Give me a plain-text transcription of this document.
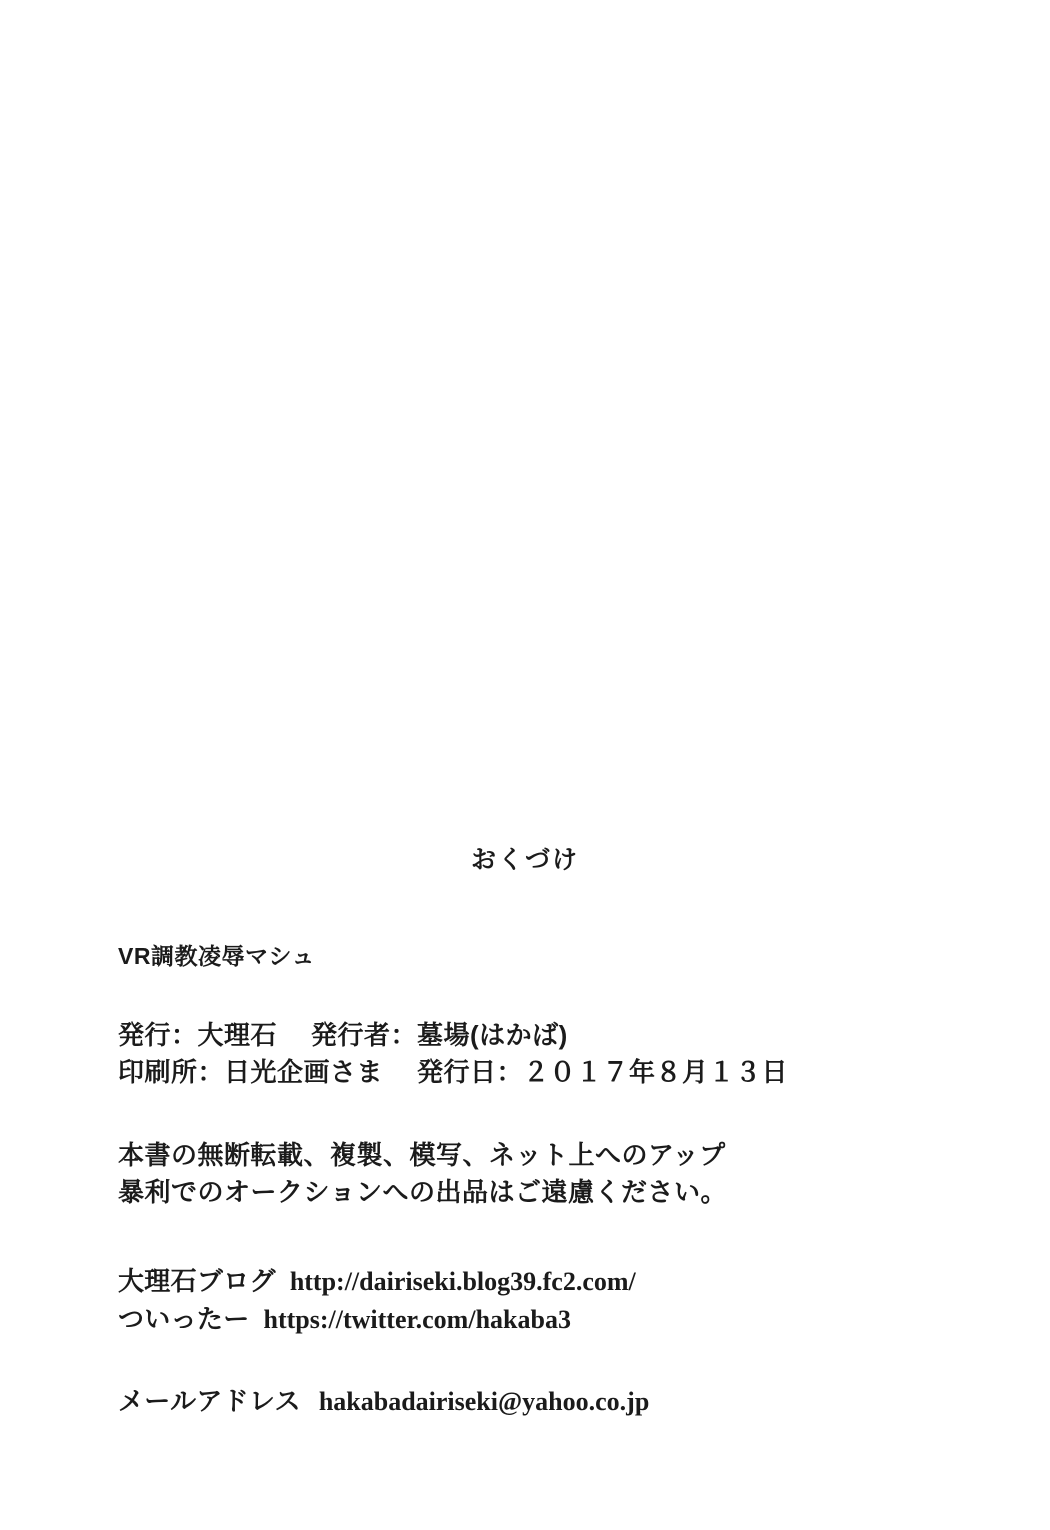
おくづけ
VR調教凌辱マシュ
発行：大理石 発行者：墓場(はかば)
印刷所：日光企画さま 発行日：２０１７年８月１３日
本書の無断転載、複製、模写、ネット上へのアップ
暴利でのオークションへの出品はご遠慮ください。
大理石ブログ http://dairiseki.blog39.fc2.com/
ついったー https://twitter.com/hakaba3
メールアドレス hakabadairiseki@yahoo.co.jp
